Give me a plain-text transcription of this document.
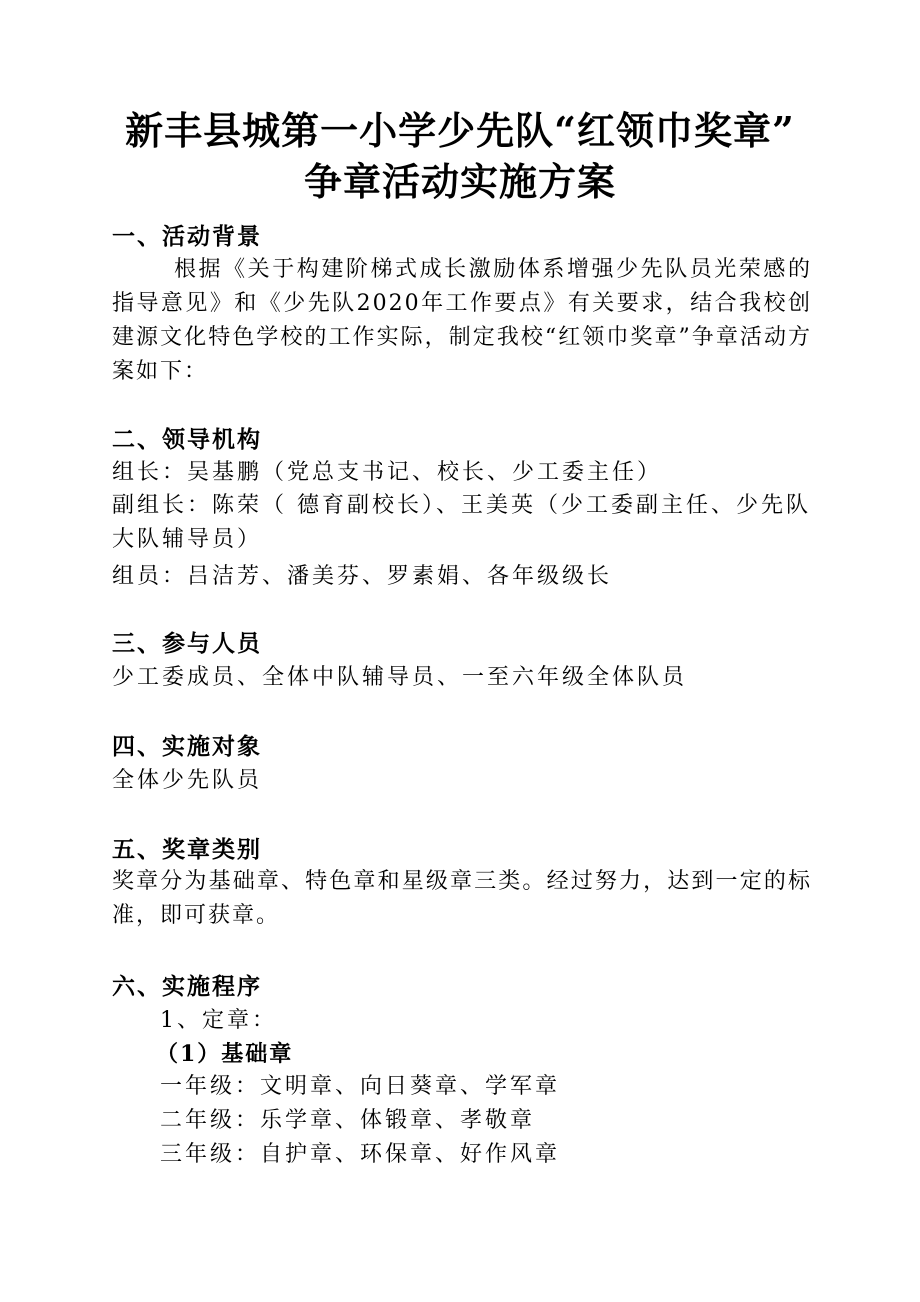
新丰县城第一小学少先队“红领巾奖章”
争章活动实施方案
一、活动背景
根据《关于构建阶梯式成长激励体系增强少先队员光荣感的指导意见》和《少先队2020年工作要点》有关要求，结合我校创建源文化特色学校的工作实际，制定我校“红领巾奖章”争章活动方案如下：
二、领导机构
组长：吴基鹏（党总支书记、校长、少工委主任）
副组长：陈荣（ 德育副校长）、王美英（少工委副主任、少先队大队辅导员）
组员：吕洁芳、潘美芬、罗素娟、各年级级长
三、参与人员
少工委成员、全体中队辅导员、一至六年级全体队员
四、实施对象
全体少先队员
五、奖章类别
奖章分为基础章、特色章和星级章三类。经过努力，达到一定的标准，即可获章。
六、实施程序
1、定章：
（1）基础章
一年级：文明章、向日葵章、学军章
二年级：乐学章、体锻章、孝敬章
三年级：自护章、环保章、好作风章
